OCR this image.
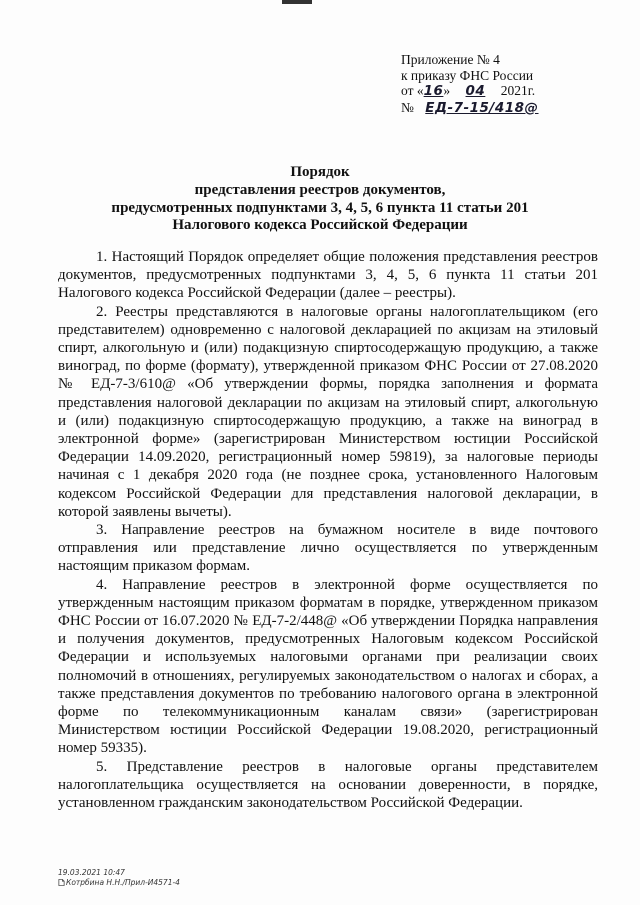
Приложение № 4
к приказу ФНС России
от «16» 04 2021г.
№ ЕД-7-15/418@
Порядок
представления реестров документов,
предусмотренных подпунктами 3, 4, 5, 6 пункта 11 статьи 201
Налогового кодекса Российской Федерации

1. Настоящий Порядок определяет общие положения представления реестров документов, предусмотренных подпунктами 3, 4, 5, 6 пункта 11 статьи 201 Налогового кодекса Российской Федерации (далее – реестры).

2. Реестры представляются в налоговые органы налогоплательщиком (его представителем) одновременно с налоговой декларацией по акцизам на этиловый спирт, алкогольную и (или) подакцизную спиртосодержащую продукцию, а также виноград, по форме (формату), утвержденной приказом ФНС России от 27.08.2020 № ЕД-7-3/610@ «Об утверждении формы, порядка заполнения и формата представления налоговой декларации по акцизам на этиловый спирт, алкогольную и (или) подакцизную спиртосодержащую продукцию, а также на виноград в электронной форме» (зарегистрирован Министерством юстиции Российской Федерации 14.09.2020, регистрационный номер 59819), за налоговые периоды начиная с 1 декабря 2020 года (не позднее срока, установленного Налоговым кодексом Российской Федерации для представления налоговой декларации, в которой заявлены вычеты).

3. Направление реестров на бумажном носителе в виде почтового отправления или представление лично осуществляется по утвержденным настоящим приказом формам.

4. Направление реестров в электронной форме осуществляется по утвержденным настоящим приказом форматам в порядке, утвержденном приказом ФНС России от 16.07.2020 № ЕД-7-2/448@ «Об утверждении Порядка направления и получения документов, предусмотренных Налоговым кодексом Российской Федерации и используемых налоговыми органами при реализации своих полномочий в отношениях, регулируемых законодательством о налогах и сборах, а также представления документов по требованию налогового органа в электронной форме по телекоммуникационным каналам связи» (зарегистрирован Министерством юстиции Российской Федерации 19.08.2020, регистрационный номер 59335).

5. Представление реестров в налоговые органы представителем налогоплательщика осуществляется на основании доверенности, в порядке, установленном гражданским законодательством Российской Федерации.

19.03.2021 10:47
Котрбина Н.Н./Прил-И4571-4
